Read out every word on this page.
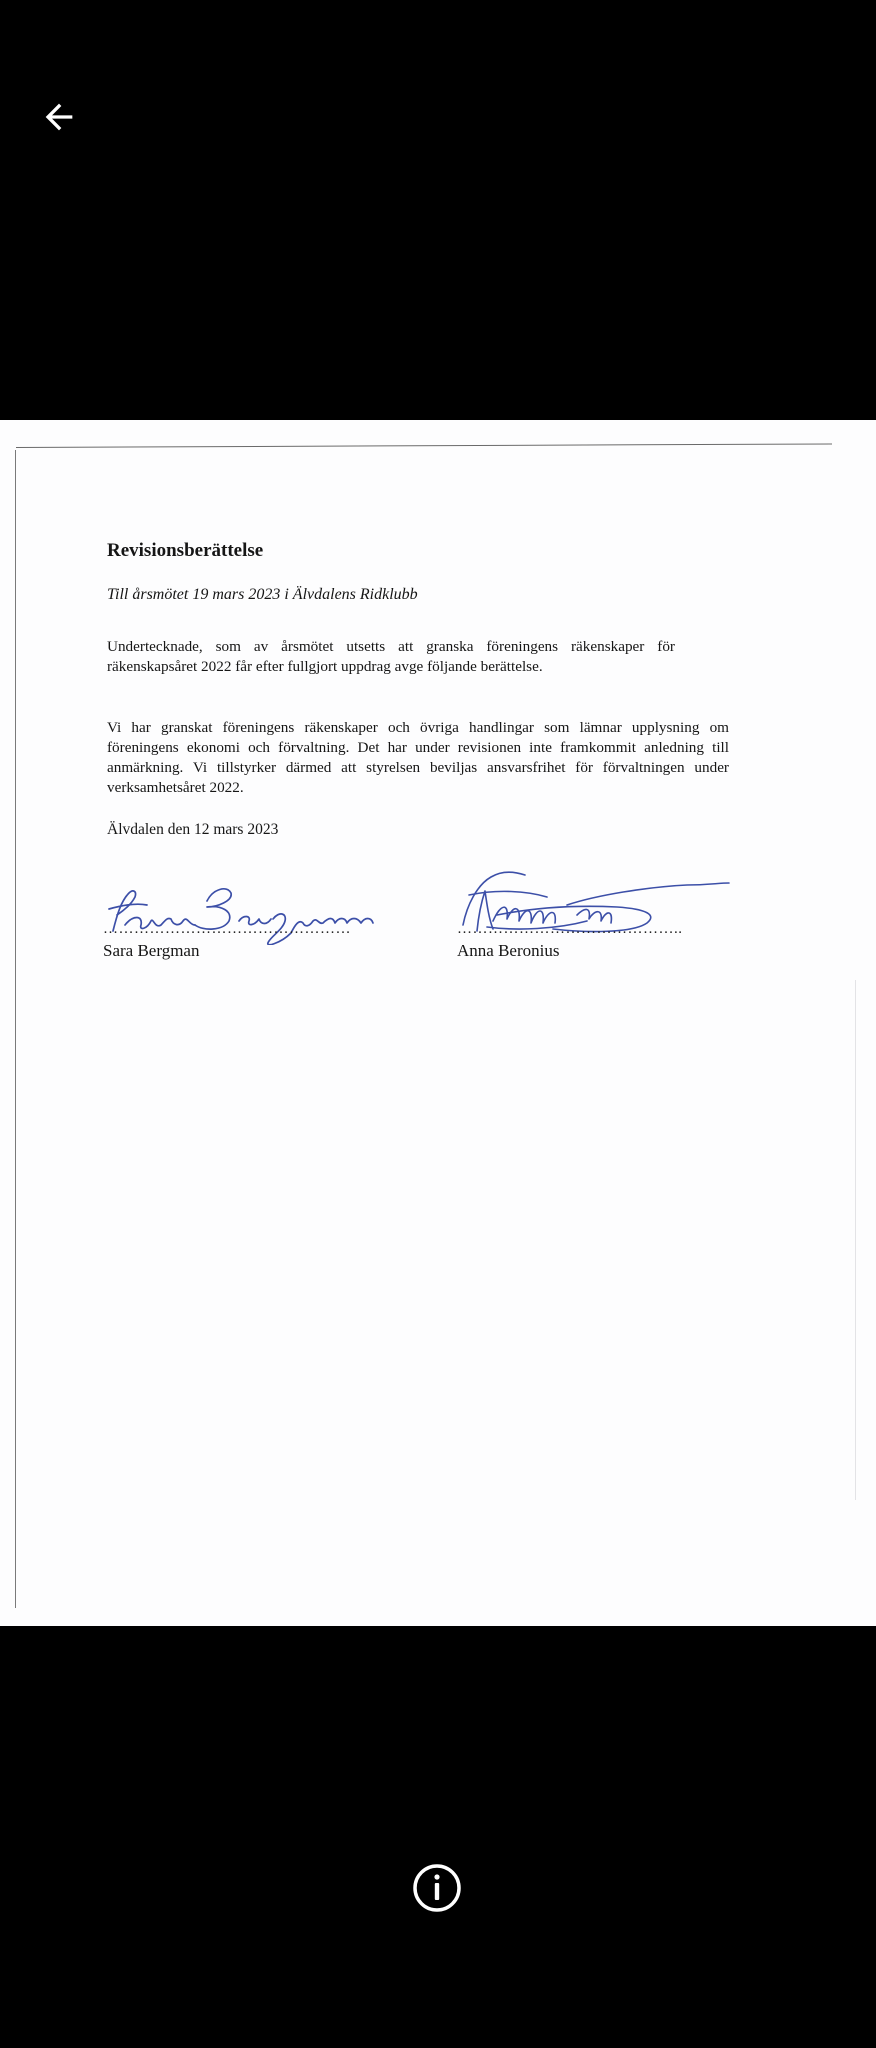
Revisionsberättelse

Till årsmötet 19 mars 2023 i Älvdalens Ridklubb

Undertecknade, som av årsmötet utsetts att granska föreningens räkenskaper för räkenskapsåret 2022 får efter fullgjort uppdrag avge följande berättelse.

Vi har granskat föreningens räkenskaper och övriga handlingar som lämnar upplysning om föreningens ekonomi och förvaltning. Det har under revisionen inte framkommit anledning till anmärkning. Vi tillstyrker därmed att styrelsen beviljas ansvarsfrihet för förvaltningen under verksamhetsåret 2022.

Älvdalen den 12 mars 2023

…………………………………………
Sara Bergman
……………………………………..
Anna Beronius
